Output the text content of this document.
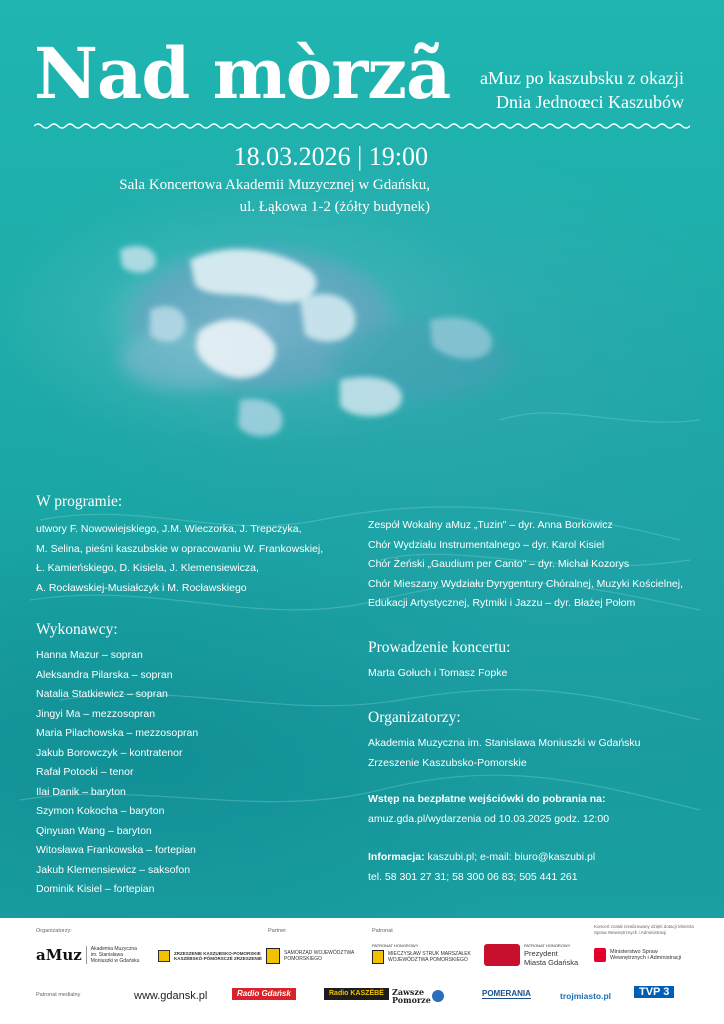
Nad mòrzã aMuz po kaszubsku z okazji
Dnia Jednoœci Kaszubów
18.03.2026 | 19:00
Sala Koncertowa Akademii Muzycznej w Gdańsku,
ul. Łąkowa 1-2 (żółty budynek)
W programie:
utwory F. Nowowiejskiego, J.M. Wieczorka, J. Trepczyka,
M. Selina, pieśni kaszubskie w opracowaniu W. Frankowskiej,
Ł. Kamieńskiego, D. Kisiela, J. Klemensiewicza,
A. Rocławskiej-Musiałczyk i M. Rocławskiego
Wykonawcy:
Hanna Mazur – sopran
Aleksandra Pilarska – sopran
Natalia Statkiewicz – sopran
Jingyi Ma – mezzosopran
Maria Pilachowska – mezzosopran
Jakub Borowczyk – kontratenor
Rafał Potocki – tenor
Ilai Danik – baryton
Szymon Kokocha – baryton
Qinyuan Wang – baryton
Witosława Frankowska – fortepian
Jakub Klemensiewicz – saksofon
Dominik Kisiel – fortepian
Zespół Wokalny aMuz „Tuzin" – dyr. Anna Borkowicz
Chór Wydziału Instrumentalnego – dyr. Karol Kisiel
Chór Żeński „Gaudium per Canto" – dyr. Michał Kozorys
Chór Mieszany Wydziału Dyrygentury Chóralnej, Muzyki Kościelnej,
Edukacji Artystycznej, Rytmiki i Jazzu – dyr. Błażej Połom
Prowadzenie koncertu:
Marta Gołuch i Tomasz Fopke
Organizatorzy:
Akademia Muzyczna im. Stanisława Moniuszki w Gdańsku
Zrzeszenie Kaszubsko-Pomorskie
Wstęp na bezpłatne wejściówki do pobrania na:
amuz.gda.pl/wydarzenia od 10.03.2025 godz. 12:00
Informacja: kaszubi.pl; e-mail: biuro@kaszubi.pl
tel. 58 301 27 31; 58 300 06 83; 505 441 261
Organizatorzy:	Partner	Patronat
Koncert został zrealizowany dzięki dotacji Ministra Spraw Wewnętrznych i Administracji
Patronat medialny
aMuz	Akademia Muzyczna im. Stanisława Moniuszki w Gdańsku
ZRZESZENIE KASZUBSKO-POMORSKIE KASZËBSKÒ-PÒMÒRSCZÉ ZRZESZENIÉ
SAMORZĄD WOJEWÓDZTWA POMORSKIEGO
PATRONAT HONOROWY
MIECZYSŁAW STRUK MARSZAŁEK WOJEWÓDZTWA POMORSKIEGO
PATRONAT HONOROWY
Prezydent Miasta Gdańska
Ministerstwo Spraw Wewnętrznych i Administracji
www.gdansk.pl	Radio Gdańsk	Radio KASZËBË	Zawsze Pomorze
POMERANIA	trojmiasto.pl	TVP 3
